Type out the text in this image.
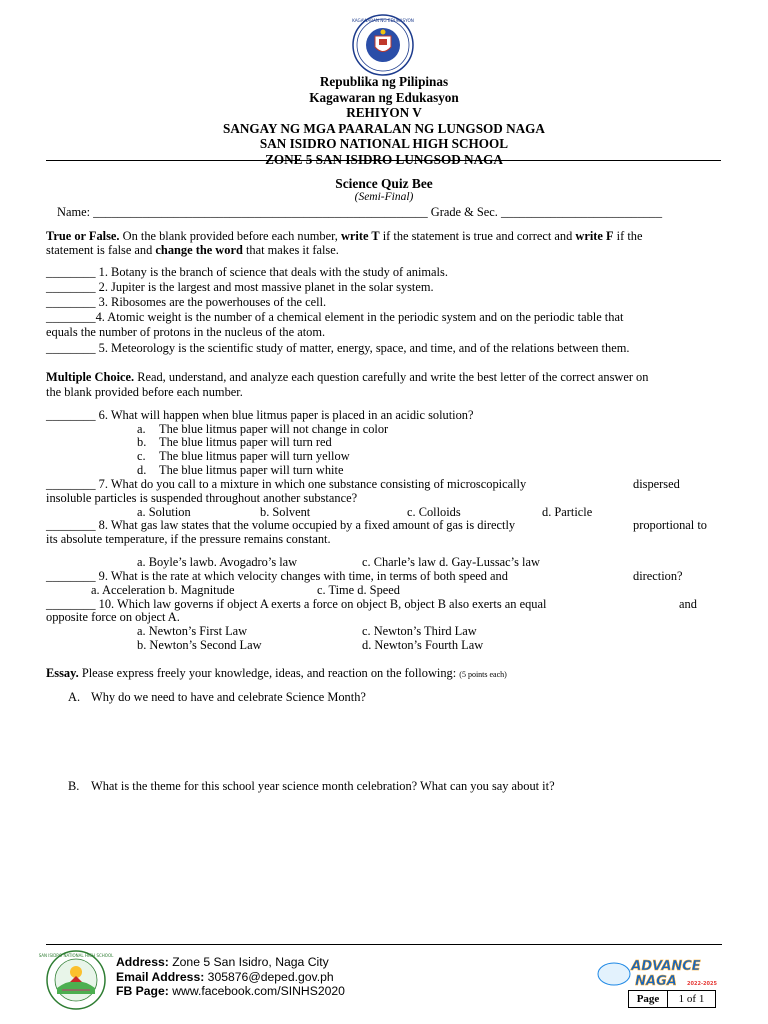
KAGAWARAN NG EDUKASYON
Republika ng Pilipinas
Kagawaran ng Edukasyon
REHIYON V
SANGAY NG MGA PAARALAN NG LUNGSOD NAGA
SAN ISIDRO NATIONAL HIGH SCHOOL
ZONE 5 SAN ISIDRO LUNGSOD NAGA
Science Quiz Bee
(Semi-Final)
Name: ______________________________________________________ Grade & Sec. __________________________
True or False. On the blank provided before each number, write T if the statement is true and correct and write F if the
statement is false and change the word that makes it false.
________ 1. Botany is the branch of science that deals with the study of animals.
________ 2. Jupiter is the largest and most massive planet in the solar system.
________ 3. Ribosomes are the powerhouses of the cell.
________4. Atomic weight is the number of a chemical element in the periodic system and on the periodic table that
equals the number of protons in the nucleus of the atom.
________ 5. Meteorology is the scientific study of matter, energy, space, and time, and of the relations between them.
Multiple Choice. Read, understand, and analyze each question carefully and write the best letter of the correct answer on
the blank provided before each number.
________ 6. What will happen when blue litmus paper is placed in an acidic solution?
a. The blue litmus paper will not change in color
b. The blue litmus paper will turn red
c. The blue litmus paper will turn yellow
d. The blue litmus paper will turn white
________ 7. What do you call to a mixture in which one substance consisting of microscopically	dispersed
insoluble particles is suspended throughout another substance?
a. Solution	b. Solvent	c. Colloids	d. Particle
________ 8. What gas law states that the volume occupied by a fixed amount of gas is directly	proportional to
its absolute temperature, if the pressure remains constant.
a. Boyle’s lawb. Avogadro’s law	c. Charle’s law d. Gay-Lussac’s law
________ 9. What is the rate at which velocity changes with time, in terms of both speed and	direction?
a. Acceleration b. Magnitude	c. Time d. Speed
________ 10. Which law governs if object A exerts a force on object B, object B also exerts an equal	and
opposite force on object A.
a. Newton’s First Law	c. Newton’s Third Law
b. Newton’s Second Law	d. Newton’s Fourth Law
Essay. Please express freely your knowledge, ideas, and reaction on the following: (5 points each)
A. Why do we need to have and celebrate Science Month?
B. What is the theme for this school year science month celebration? What can you say about it?
SAN ISIDRO NATIONAL HIGH SCHOOL Address: Zone 5 San Isidro, Naga City
Email Address: 305876@deped.gov.ph
FB Page: www.facebook.com/SINHS2020
ADVANCE
NAGA 2022-2025
Page	1 of 1
